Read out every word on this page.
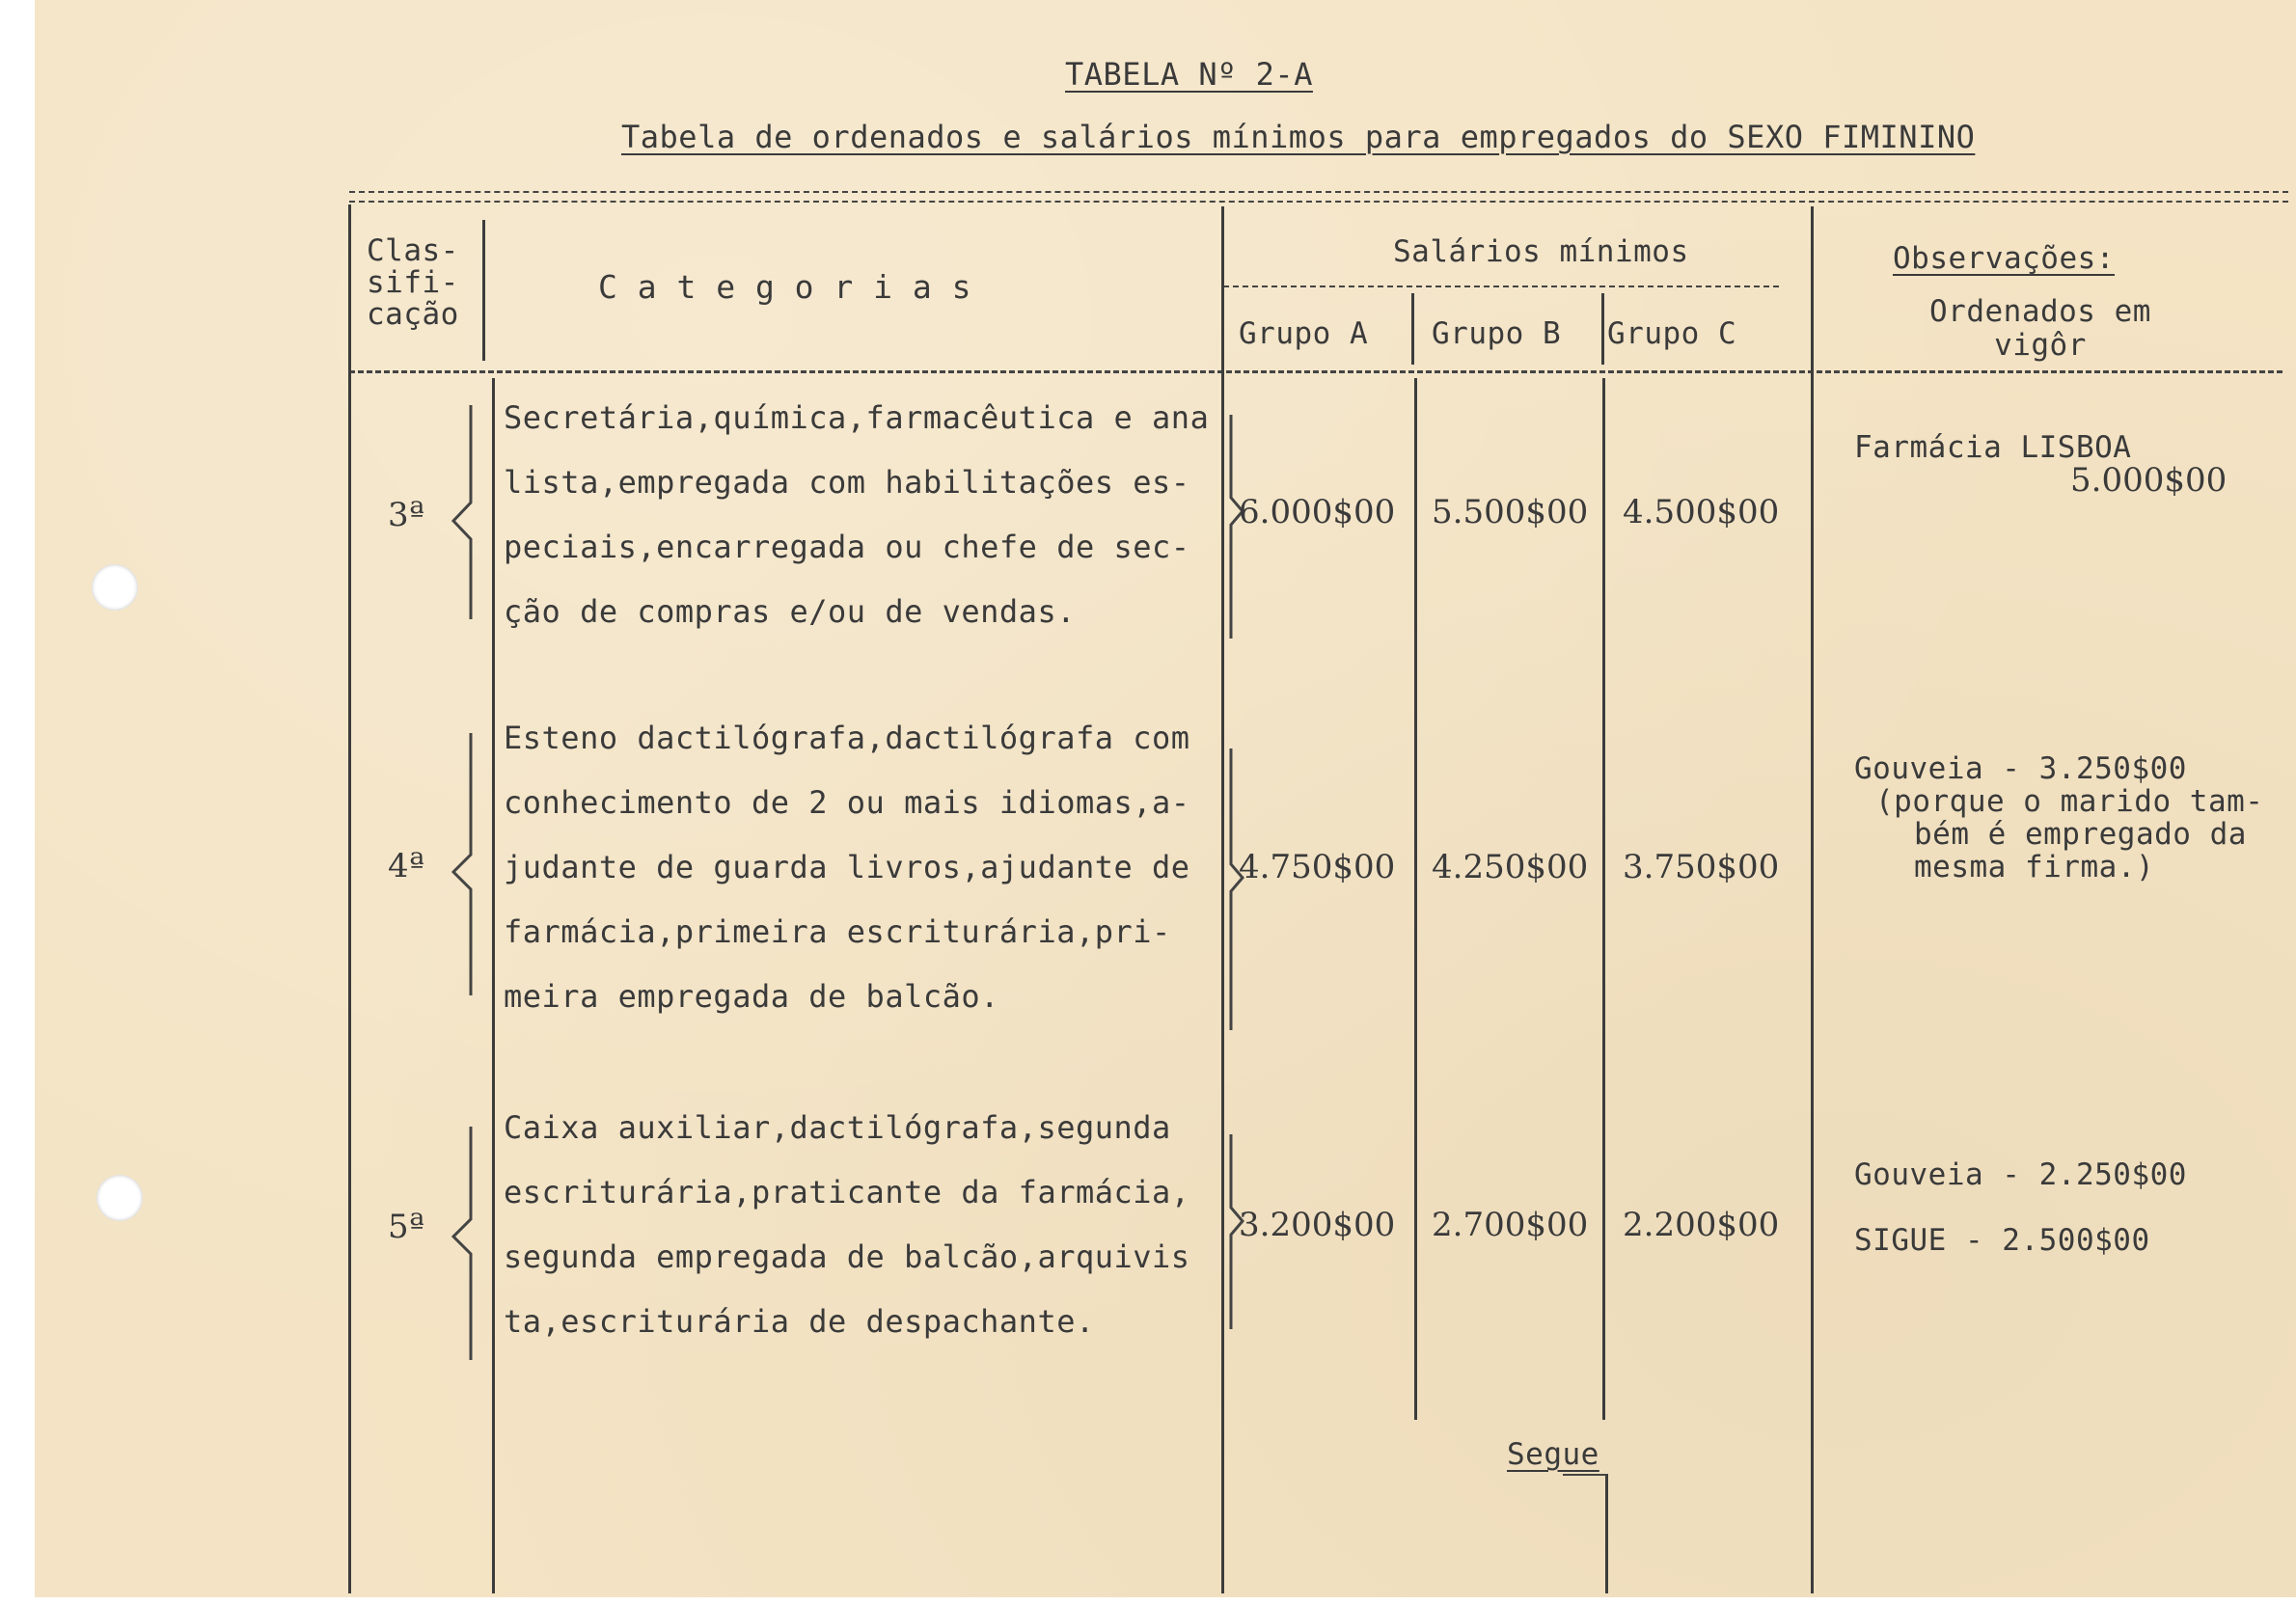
TABELA Nº 2-A
Tabela de ordenados e salários mínimos para empregados do SEXO FIMININO
Clas-
sifi-
cação
C a t e g o r i a s
Salários mínimos
Grupo A Grupo B Grupo C
Observações:
Ordenados em
vigôr
3ª
Secretária,química,farmacêutica e ana
lista,empregada com habilitações es-
peciais,encarregada ou chefe de sec-
ção de compras e/ou de vendas.
6.000$00 5.500$00 4.500$00
Farmácia LISBOA
5.000$00
4ª
Esteno dactilógrafa,dactilógrafa com
conhecimento de 2 ou mais idiomas,a-
judante de guarda livros,ajudante de
farmácia,primeira escriturária,pri-
meira empregada de balcão.
4.750$00 4.250$00 3.750$00
Gouveia - 3.250$00
(porque o marido tam-
bém é empregado da
mesma firma.)
5ª
Caixa auxiliar,dactilógrafa,segunda
escriturária,praticante da farmácia,
segunda empregada de balcão,arquivis
ta,escriturária de despachante.
3.200$00 2.700$00 2.200$00
Gouveia - 2.250$00
SIGUE - 2.500$00
Segue
